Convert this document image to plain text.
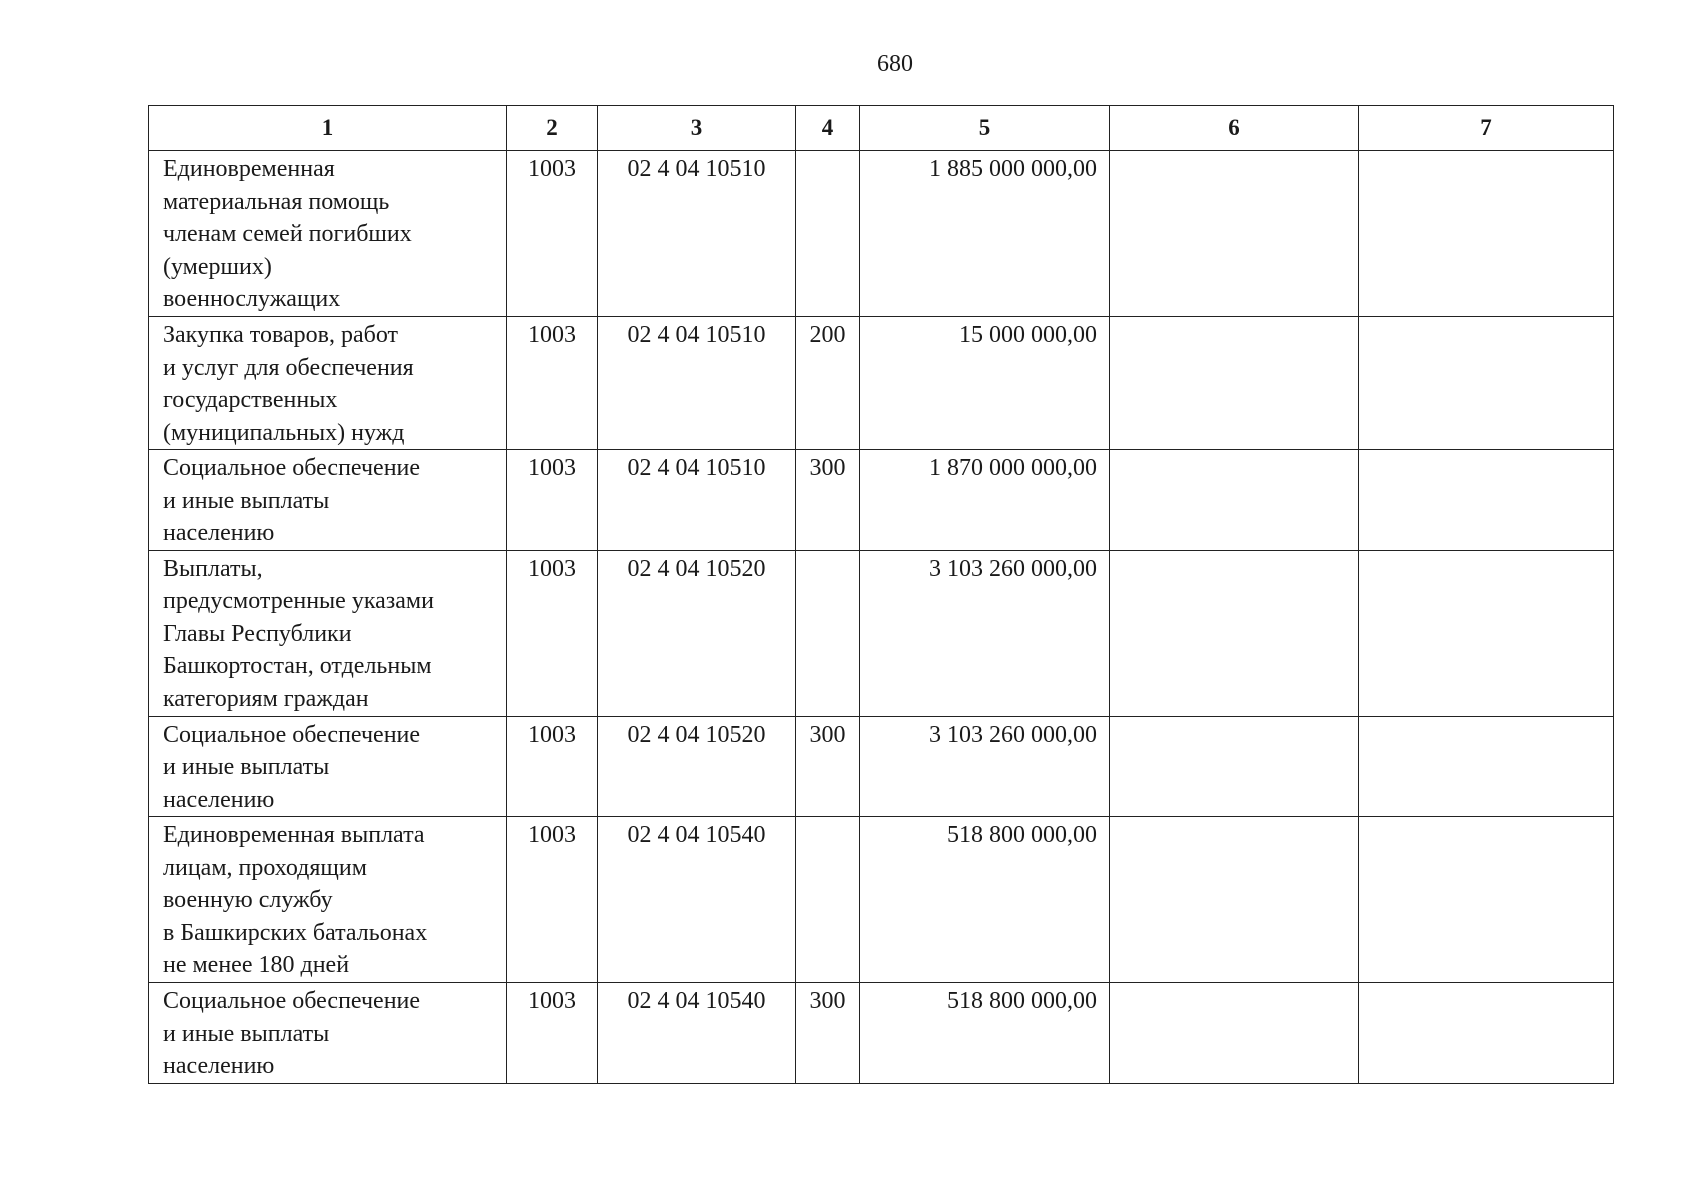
680
1	2	3	4	5	6	7

Единовременная
материальная помощь
членам семей погибших
(умерших)
военнослужащих	1003	02 4 04 10510		1 885 000 000,00		

Закупка товаров, работ
и услуг для обеспечения
государственных
(муниципальных) нужд	1003	02 4 04 10510	200	15 000 000,00		

Социальное обеспечение
и иные выплаты
населению	1003	02 4 04 10510	300	1 870 000 000,00		

Выплаты,
предусмотренные указами
Главы Республики
Башкортостан, отдельным
категориям граждан	1003	02 4 04 10520		3 103 260 000,00		

Социальное обеспечение
и иные выплаты
населению	1003	02 4 04 10520	300	3 103 260 000,00		

Единовременная выплата
лицам, проходящим
военную службу
в Башкирских батальонах
не менее 180 дней	1003	02 4 04 10540		518 800 000,00		

Социальное обеспечение
и иные выплаты
населению	1003	02 4 04 10540	300	518 800 000,00		
